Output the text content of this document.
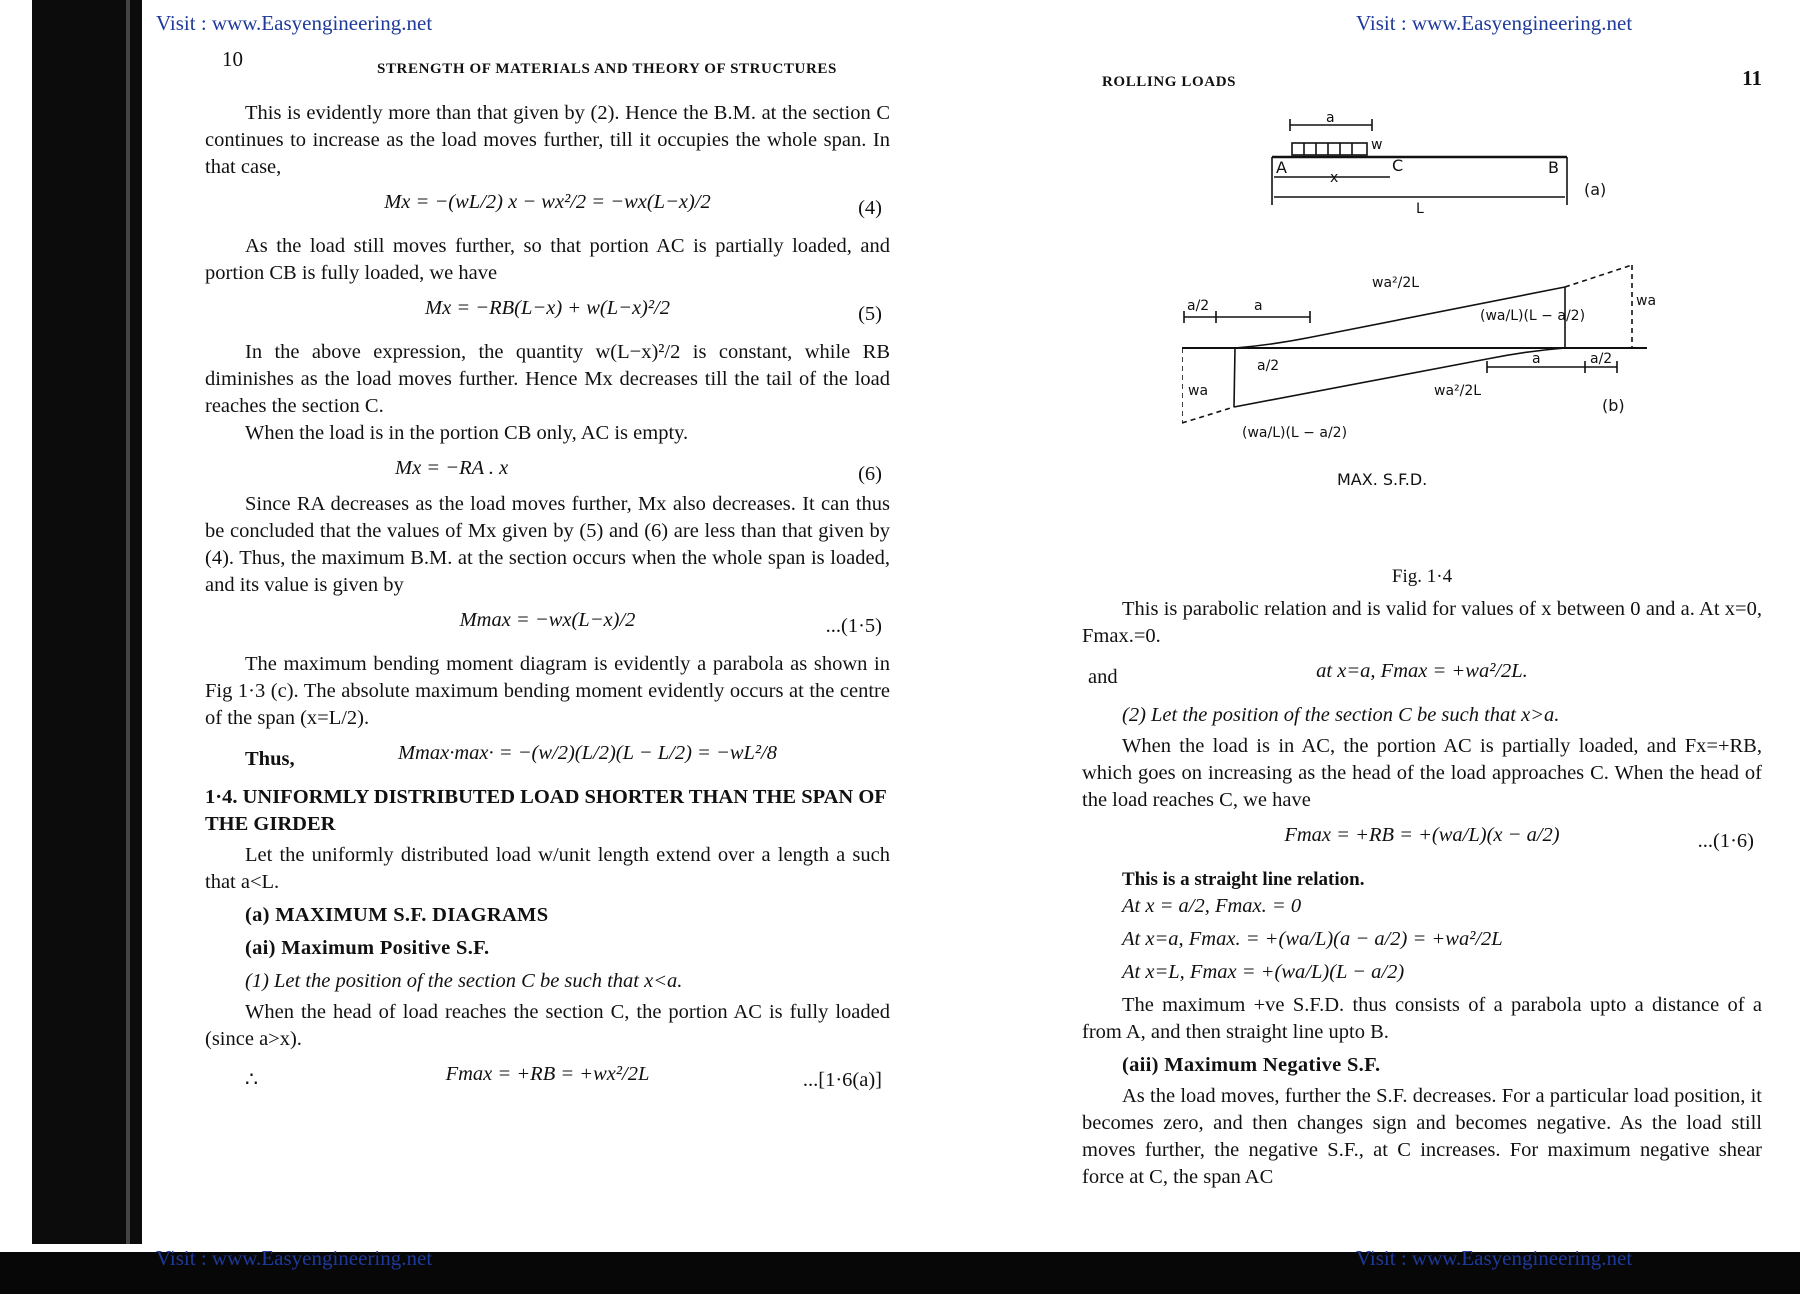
Visit : www.Easyengineering.net	Visit : www.Easyengineering.net
Visit : www.Easyengineering.net	Visit : www.Easyengineering.net
10	STRENGTH OF MATERIALS AND THEORY OF STRUCTURES

This is evidently more than that given by (2). Hence the B.M. at the section C continues to increase as the load moves further, till it occupies the whole span. In that case,

Mx = −(wL/2) x − wx²/2 = −wx(L−x)/2	(4)

As the load still moves further, so that portion AC is partially loaded, and portion CB is fully loaded, we have

Mx = −RB(L−x) + w(L−x)²/2	(5)

In the above expression, the quantity w(L−x)²/2 is constant, while RB diminishes as the load moves further. Hence Mx decreases till the tail of the load reaches the section C.

When the load is in the portion CB only, AC is empty.

Mx = −RA . x	(6)

Since RA decreases as the load moves further, Mx also decreases. It can thus be concluded that the values of Mx given by (5) and (6) are less than that given by (4). Thus, the maximum B.M. at the section occurs when the whole span is loaded, and its value is given by

Mmax = −wx(L−x)/2	...(1·5)

The maximum bending moment diagram is evidently a parabola as shown in Fig 1·3 (c). The absolute maximum bending moment evidently occurs at the centre of the span (x=L/2).

Thus,	Mmax·max· = −(w/2)(L/2)(L − L/2) = −wL²/8
1·4. UNIFORMLY DISTRIBUTED LOAD SHORTER THAN THE SPAN OF THE GIRDER

Let the uniformly distributed load w/unit length extend over a length a such that a<L.

(a) MAXIMUM S.F. DIAGRAMS
(ai) Maximum Positive S.F.
(1) Let the position of the section C be such that x<a.

When the head of load reaches the section C, the portion AC is fully loaded (since a>x).

∴	Fmax = +RB = +wx²/2L	...[1·6(a)]
ROLLING LOADS	11
a
w
A	B
C
x
L
(a)
wa²/2L
(wa/L)(L − a/2)
a/2	a
a/2
wa
wa
wa²/2L
a	a/2
(wa/L)(L − a/2)
(b)
MAX. S.F.D.
Fig. 1·4

This is parabolic relation and is valid for values of x between 0 and a. At x=0, Fmax.=0.

and	at x=a, Fmax = +wa²/2L.
(2) Let the position of the section C be such that x>a.

When the load is in AC, the portion AC is partially loaded, and Fx=+RB, which goes on increasing as the head of the load approaches C. When the head of the load reaches C, we have

Fmax = +RB = +(wa/L)(x − a/2)	...(1·6)

This is a straight line relation.

At x = a/2, Fmax. = 0
At x=a, Fmax. = +(wa/L)(a − a/2) = +wa²/2L
At x=L, Fmax = +(wa/L)(L − a/2)

The maximum +ve S.F.D. thus consists of a parabola upto a distance of a from A, and then straight line upto B.

(aii) Maximum Negative S.F.

As the load moves, further the S.F. decreases. For a particular load position, it becomes zero, and then changes sign and becomes negative. As the load still moves further, the negative S.F., at C increases. For maximum negative shear force at C, the span AC
